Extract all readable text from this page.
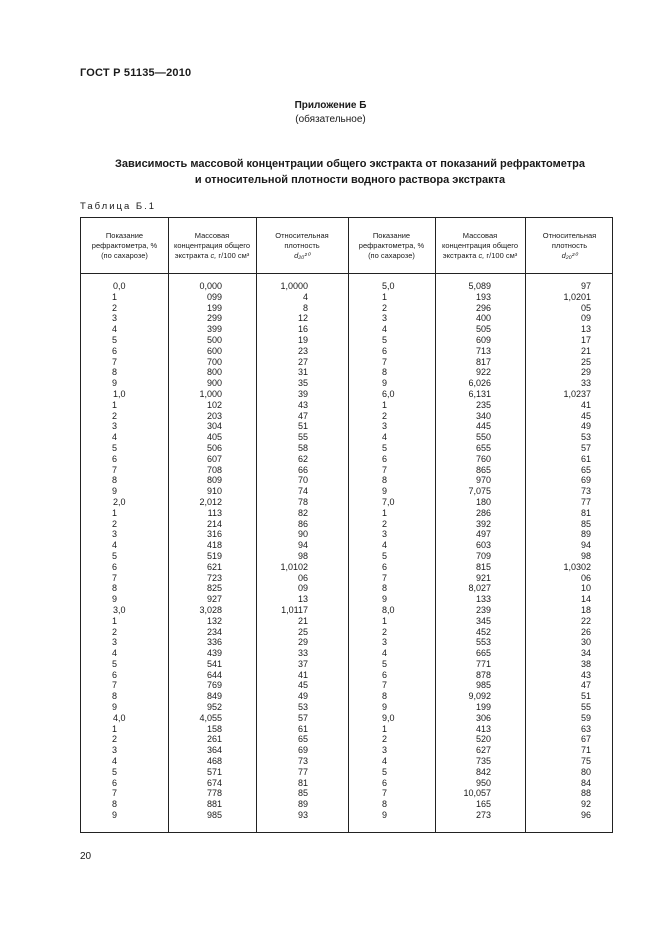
ГОСТ Р 51135—2010
Приложение Б
(обязательное)
Зависимость массовой концентрации общего экстракта от показаний рефрактометра
и относительной плотности водного раствора экстракта
Таблица Б.1
Показание рефрактометра, %
(по сахарозе)
Массовая концентрация общего экстракта с, г/100 см³
Относительная плотность
d₂₀²⁰
Показание рефрактометра, %
(по сахарозе)
Массовая концентрация общего экстракта с, г/100 см³
Относительная плотность
d₂₀²⁰
0,0
1
2
3
4
5
6
7
8
9
1,0
1
2
3
4
5
6
7
8
9
2,0
1
2
3
4
5
6
7
8
9
3,0
1
2
3
4
5
6
7
8
9
4,0
1
2
3
4
5
6
7
8
9
0,000
099
199
299
399
500
600
700
800
900
1,000
102
203
304
405
506
607
708
809
910
2,012
113
214
316
418
519
621
723
825
927
3,028
132
234
336
439
541
644
769
849
952
4,055
158
261
364
468
571
674
778
881
985
1,0000
4
8
12
16
19
23
27
31
35
39
43
47
51
55
58
62
66
70
74
78
82
86
90
94
98
1,0102
06
09
13
1,0117
21
25
29
33
37
41
45
49
53
57
61
65
69
73
77
81
85
89
93
5,0
1
2
3
4
5
6
7
8
9
6,0
1
2
3
4
5
6
7
8
9
7,0
1
2
3
4
5
6
7
8
9
8,0
1
2
3
4
5
6
7
8
9
9,0
1
2
3
4
5
6
7
8
9
5,089
193
296
400
505
609
713
817
922
6,026
6,131
235
340
445
550
655
760
865
970
7,075
180
286
392
497
603
709
815
921
8,027
133
239
345
452
553
665
771
878
985
9,092
199
306
413
520
627
735
842
950
10,057
165
273
97
1,0201
05
09
13
17
21
25
29
33
1,0237
41
45
49
53
57
61
65
69
73
77
81
85
89
94
98
1,0302
06
10
14
18
22
26
30
34
38
43
47
51
55
59
63
67
71
75
80
84
88
92
96
20
